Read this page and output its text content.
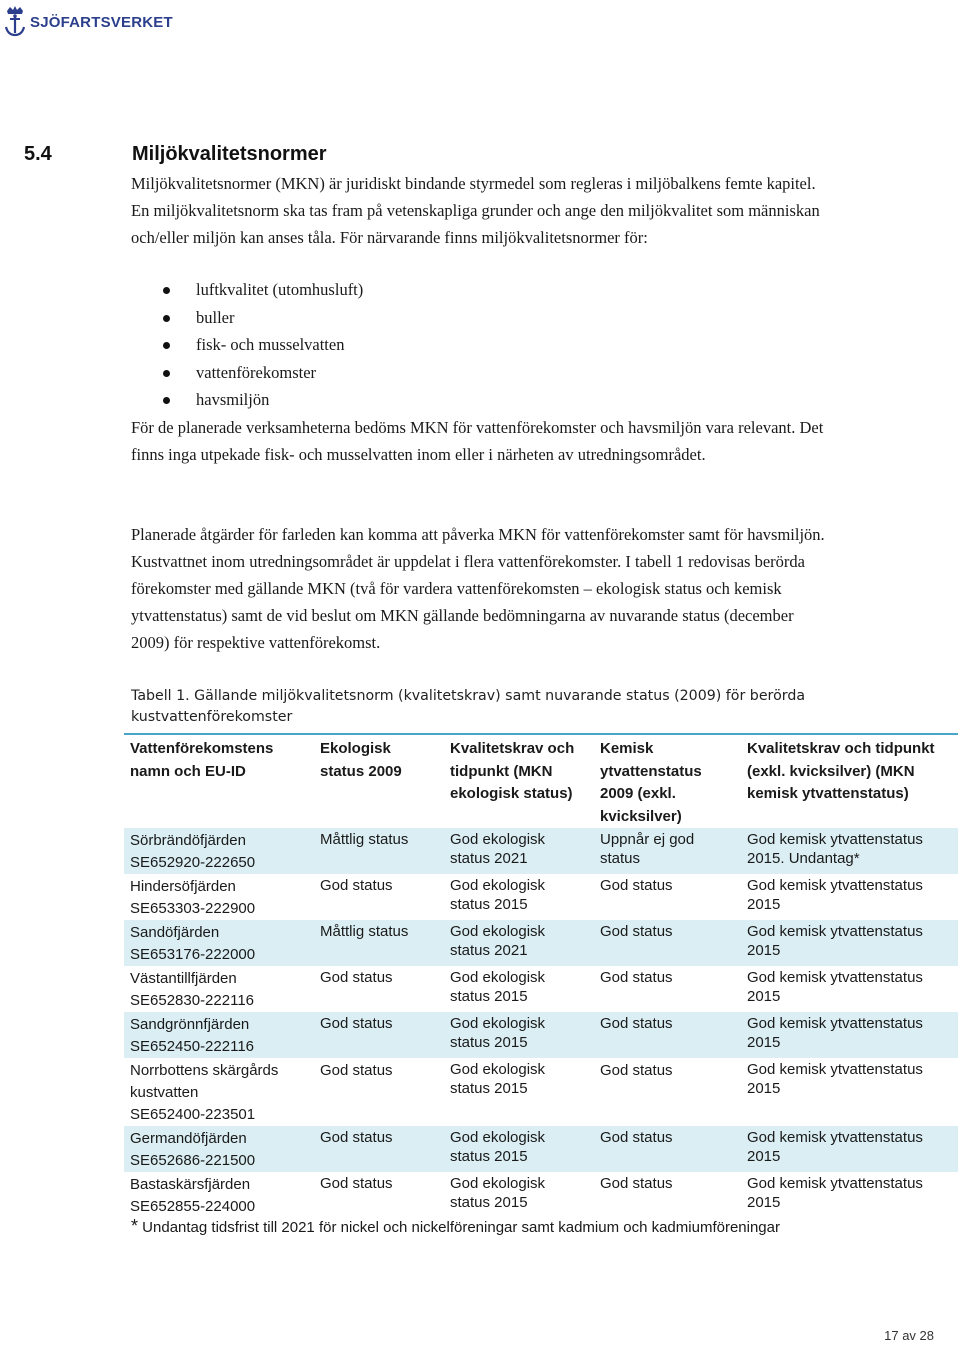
SJÖFARTSVERKET
5.4	Miljökvalitetsnormer

Miljökvalitetsnormer (MKN) är juridiskt bindande styrmedel som regleras i miljöbalkens femte kapitel. En miljökvalitetsnorm ska tas fram på vetenskapliga grunder och ange den miljökvalitet som människan och/eller miljön kan anses tåla. För närvarande finns miljökvalitetsnormer för:

luftkvalitet (utomhusluft)
buller
fisk- och musselvatten
vattenförekomster
havsmiljön

För de planerade verksamheterna bedöms MKN för vattenförekomster och havsmiljön vara relevant. Det finns inga utpekade fisk- och musselvatten inom eller i närheten av utredningsområdet.

Planerade åtgärder för farleden kan komma att påverka MKN för vattenförekomster samt för havsmiljön. Kustvattnet inom utredningsområdet är uppdelat i flera vattenförekomster. I tabell 1 redovisas berörda förekomster med gällande MKN (två för vardera vattenförekomsten – ekologisk status och kemisk ytvattenstatus) samt de vid beslut om MKN gällande bedömningarna av nuvarande status (december 2009) för respektive vattenförekomst.

Tabell 1. Gällande miljökvalitetsnorm (kvalitetskrav) samt nuvarande status (2009) för berörda kustvattenförekomster

Vattenförekomstens namn och EU-ID	Ekologisk status 2009	Kvalitetskrav och tidpunkt (MKN ekologisk status)	Kemisk ytvattenstatus 2009 (exkl. kvicksilver)	Kvalitetskrav och tidpunkt (exkl. kvicksilver) (MKN kemisk ytvattenstatus)

Sörbrändöfjärden
SE652920-222650	Måttlig status	God ekologisk status 2021	Uppnår ej god status	God kemisk ytvattenstatus 2015. Undantag*

Hindersöfjärden
SE653303-222900	God status	God ekologisk status 2015	God status	God kemisk ytvattenstatus 2015

Sandöfjärden
SE653176-222000	Måttlig status	God ekologisk status 2021	God status	God kemisk ytvattenstatus 2015

Västantillfjärden
SE652830-222116	God status	God ekologisk status 2015	God status	God kemisk ytvattenstatus 2015

Sandgrönnfjärden
SE652450-222116	God status	God ekologisk status 2015	God status	God kemisk ytvattenstatus 2015

Norrbottens skärgårds kustvatten
SE652400-223501	God status	God ekologisk status 2015	God status	God kemisk ytvattenstatus 2015

Germandöfjärden
SE652686-221500	God status	God ekologisk status 2015	God status	God kemisk ytvattenstatus 2015

Bastaskärsfjärden
SE652855-224000	God status	God ekologisk status 2015	God status	God kemisk ytvattenstatus 2015

* Undantag tidsfrist till 2021 för nickel och nickelföreningar samt kadmium och kadmiumföreningar

17 av 28
